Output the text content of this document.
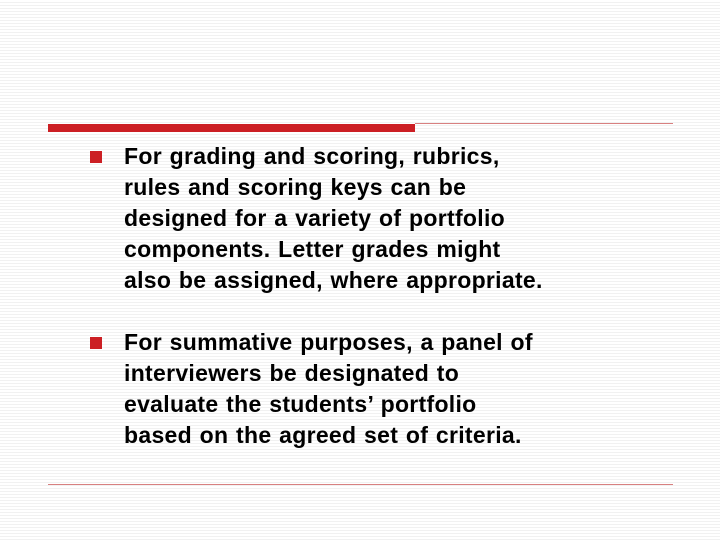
For grading and scoring, rubrics,
rules and scoring keys can be
designed for a variety of portfolio
components. Letter grades might
also be assigned, where appropriate.
For summative purposes, a panel of
interviewers be designated to
evaluate the students’ portfolio
based on the agreed set of criteria.
